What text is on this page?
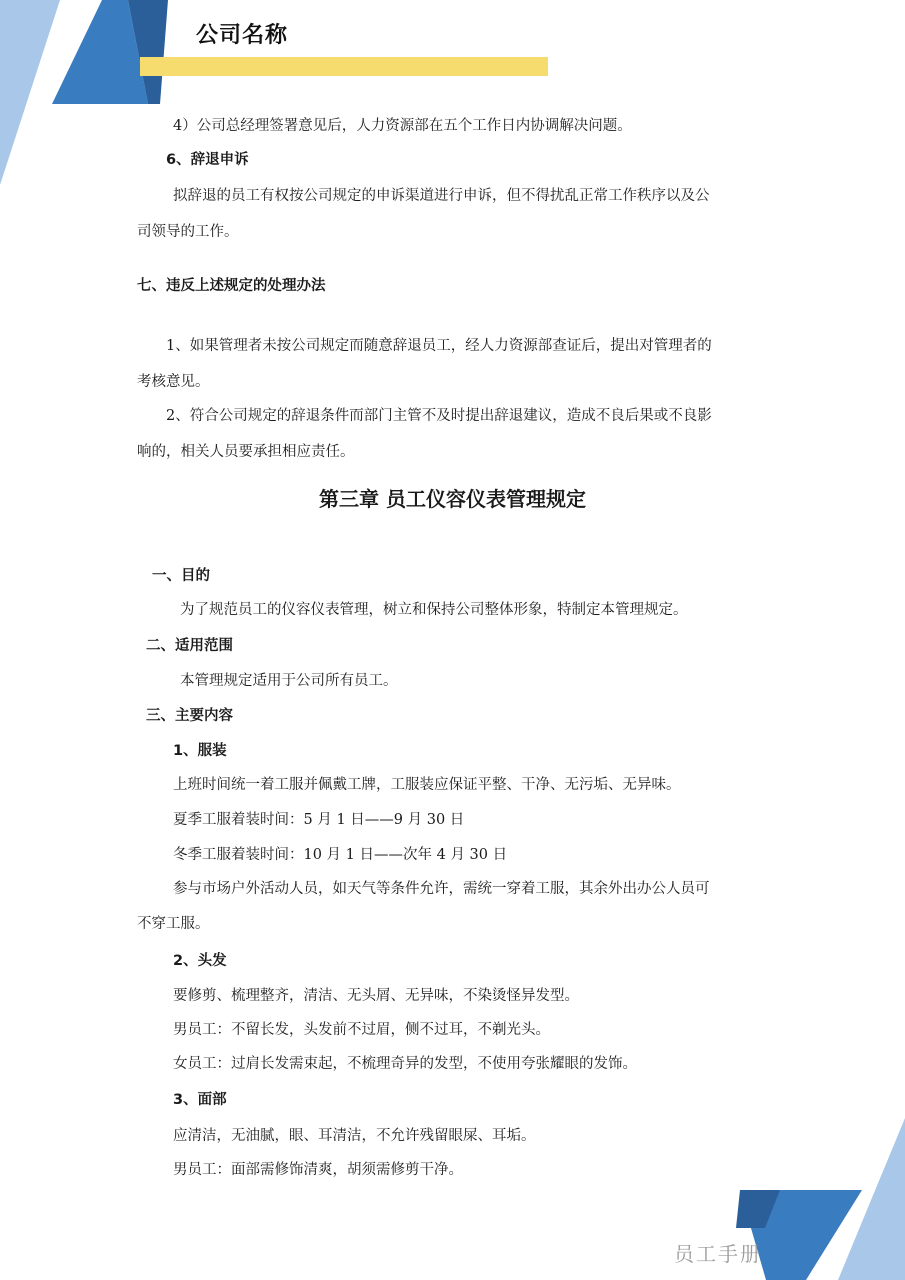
公司名称
4）公司总经理签署意见后，人力资源部在五个工作日内协调解决问题。
6、辞退申诉
拟辞退的员工有权按公司规定的申诉渠道进行申诉，但不得扰乱正常工作秩序以及公
司领导的工作。
七、违反上述规定的处理办法
1、如果管理者未按公司规定而随意辞退员工，经人力资源部查证后，提出对管理者的
考核意见。
2、符合公司规定的辞退条件而部门主管不及时提出辞退建议，造成不良后果或不良影
响的，相关人员要承担相应责任。
第三章 员工仪容仪表管理规定
一、目的
为了规范员工的仪容仪表管理，树立和保持公司整体形象，特制定本管理规定。
二、适用范围
本管理规定适用于公司所有员工。
三、主要内容
1、服装
上班时间统一着工服并佩戴工牌，工服装应保证平整、干净、无污垢、无异味。
夏季工服着装时间：5 月 1 日——9 月 30 日
冬季工服着装时间：10 月 1 日——次年 4 月 30 日
参与市场户外活动人员，如天气等条件允许，需统一穿着工服，其余外出办公人员可
不穿工服。
2、头发
要修剪、梳理整齐，清洁、无头屑、无异味，不染烫怪异发型。
男员工：不留长发，头发前不过眉，侧不过耳，不剃光头。
女员工：过肩长发需束起，不梳理奇异的发型，不使用夸张耀眼的发饰。
3、面部
应清洁，无油腻，眼、耳清洁，不允许残留眼屎、耳垢。
男员工：面部需修饰清爽，胡须需修剪干净。
员工手册
